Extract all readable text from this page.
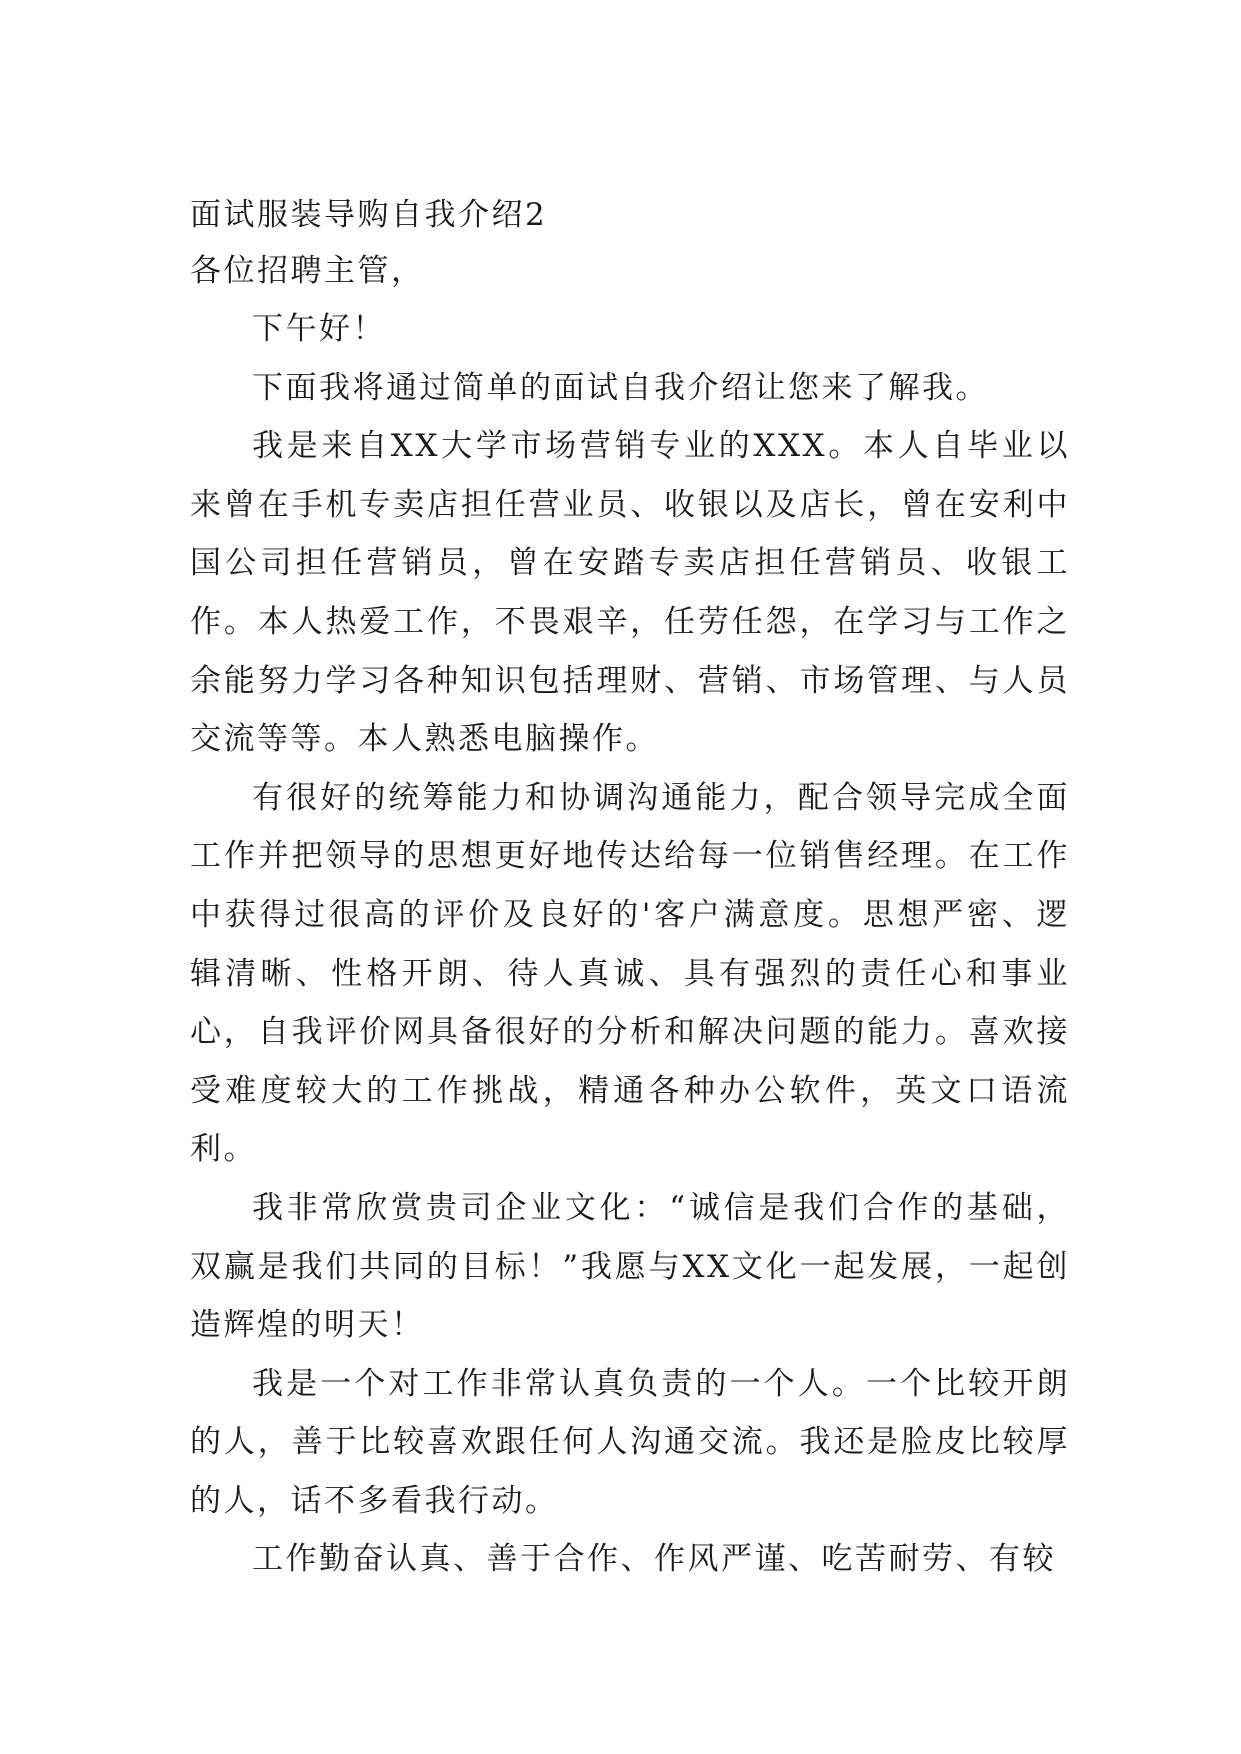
面试服装导购自我介绍2

各位招聘主管，

下午好！

下面我将通过简单的面试自我介绍让您来了解我。

我是来自XX大学市场营销专业的XXX。本人自毕业以来曾在手机专卖店担任营业员、收银以及店长，曾在安利中国公司担任营销员，曾在安踏专卖店担任营销员、收银工作。本人热爱工作，不畏艰辛，任劳任怨，在学习与工作之余能努力学习各种知识包括理财、营销、市场管理、与人员交流等等。本人熟悉电脑操作。

有很好的统筹能力和协调沟通能力，配合领导完成全面工作并把领导的思想更好地传达给每一位销售经理。在工作中获得过很高的评价及良好的'客户满意度。思想严密、逻辑清晰、性格开朗、待人真诚、具有强烈的责任心和事业心，自我评价网具备很好的分析和解决问题的能力。喜欢接受难度较大的工作挑战，精通各种办公软件，英文口语流利。

我非常欣赏贵司企业文化：“诚信是我们合作的基础，双赢是我们共同的目标！”我愿与XX文化一起发展，一起创造辉煌的明天！

我是一个对工作非常认真负责的一个人。一个比较开朗的人，善于比较喜欢跟任何人沟通交流。我还是脸皮比较厚的人，话不多看我行动。

工作勤奋认真、善于合作、作风严谨、吃苦耐劳、有较
